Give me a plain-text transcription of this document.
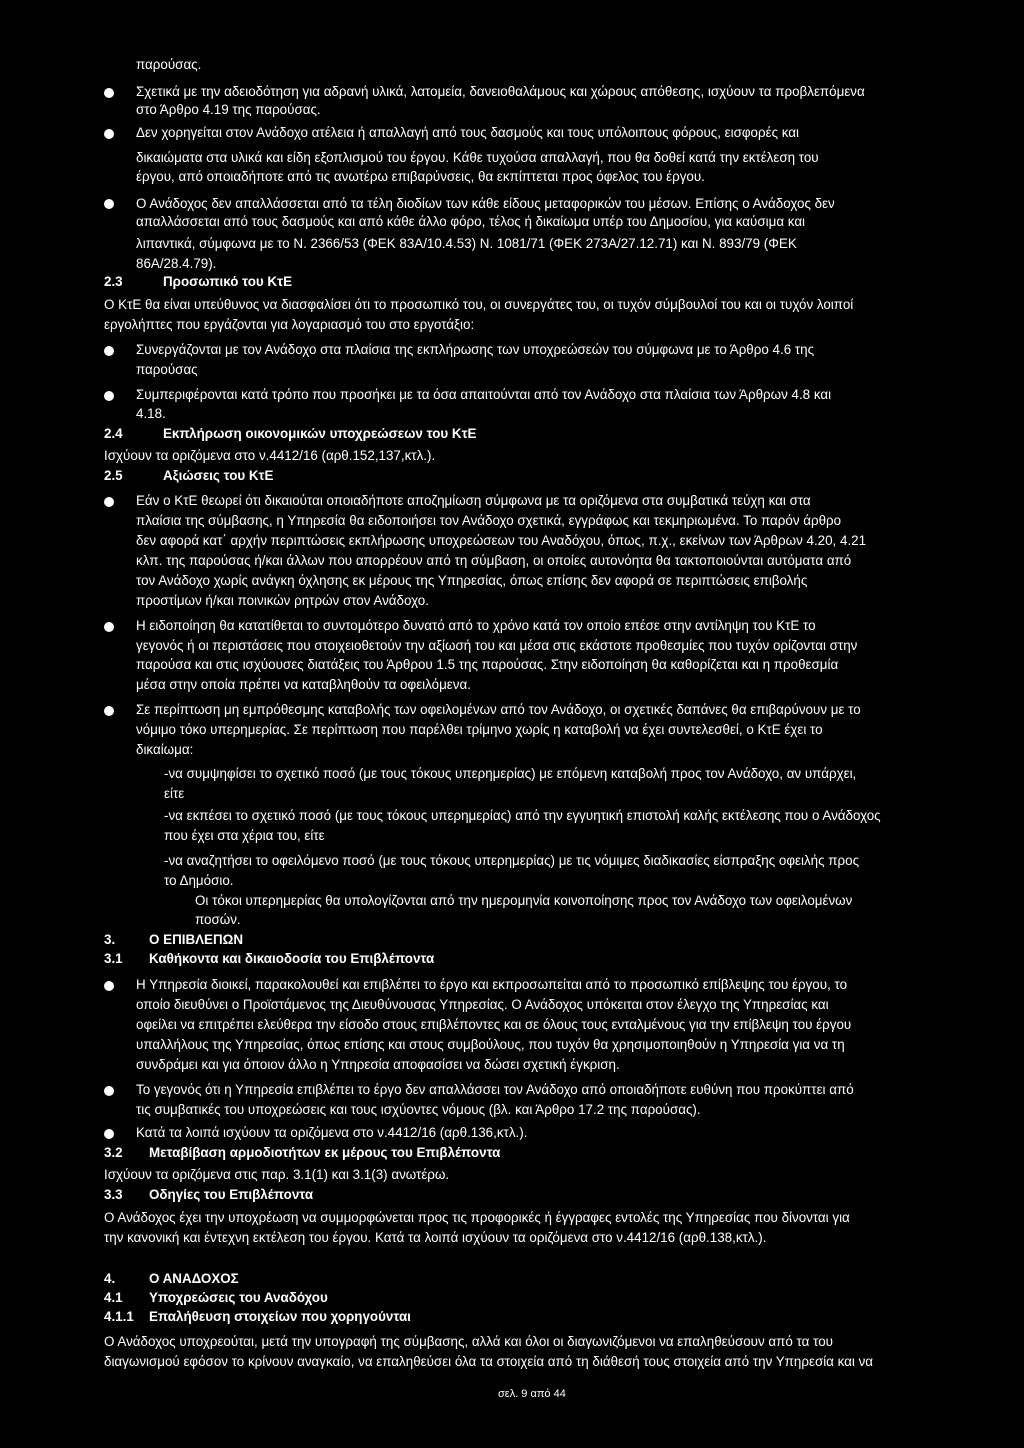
παρούσας.
Σχετικά με την αδειοδότηση για αδρανή υλικά, λατομεία, δανειοθαλάμους και χώρους απόθεσης, ισχύουν τα προβλεπόμενα
στο Άρθρο 4.19 της παρούσας.
Δεν χορηγείται στον Ανάδοχο ατέλεια ή απαλλαγή από τους δασμούς και τους υπόλοιπους φόρους, εισφορές και
δικαιώματα στα υλικά και είδη εξοπλισμού του έργου. Κάθε τυχούσα απαλλαγή, που θα δοθεί κατά την εκτέλεση του
έργου, από οποιαδήποτε από τις ανωτέρω επιβαρύνσεις, θα εκπίπτεται προς όφελος του έργου.
Ο Ανάδοχος δεν απαλλάσσεται από τα τέλη διοδίων των κάθε είδους μεταφορικών του μέσων. Επίσης ο Ανάδοχος δεν
απαλλάσσεται από τους δασμούς και από κάθε άλλο φόρο, τέλος ή δικαίωμα υπέρ του Δημοσίου, για καύσιμα και
λιπαντικά, σύμφωνα με το Ν. 2366/53 (ΦΕΚ 83Α/10.4.53) Ν. 1081/71 (ΦΕΚ 273Α/27.12.71) και Ν. 893/79 (ΦΕΚ
86Α/28.4.79).
2.3	Προσωπικό του ΚτΕ
Ο ΚτΕ θα είναι υπεύθυνος να διασφαλίσει ότι το προσωπικό του, οι συνεργάτες του, οι τυχόν σύμβουλοί του και οι τυχόν λοιποί
εργολήπτες που εργάζονται για λογαριασμό του στο εργοτάξιο:
Συνεργάζονται με τον Ανάδοχο στα πλαίσια της εκπλήρωσης των υποχρεώσεών του σύμφωνα με το Άρθρο 4.6 της
παρούσας
Συμπεριφέρονται κατά τρόπο που προσήκει με τα όσα απαιτούνται από τον Ανάδοχο στα πλαίσια των Άρθρων 4.8 και
4.18.
2.4	Εκπλήρωση οικονομικών υποχρεώσεων του ΚτΕ
Ισχύουν τα οριζόμενα στο ν.4412/16 (αρθ.152,137,κτλ.).
2.5	Αξιώσεις του ΚτΕ
Εάν ο ΚτΕ θεωρεί ότι δικαιούται οποιαδήποτε αποζημίωση σύμφωνα με τα οριζόμενα στα συμβατικά τεύχη και στα
πλαίσια της σύμβασης, η Υπηρεσία θα ειδοποιήσει τον Ανάδοχο σχετικά, εγγράφως και τεκμηριωμένα. Το παρόν άρθρο
δεν αφορά κατ΄ αρχήν περιπτώσεις εκπλήρωσης υποχρεώσεων του Αναδόχου, όπως, π.χ., εκείνων των Άρθρων 4.20, 4.21
κλπ. της παρούσας ή/και άλλων που απορρέουν από τη σύμβαση, οι οποίες αυτονόητα θα τακτοποιούνται αυτόματα από
τον Ανάδοχο χωρίς ανάγκη όχλησης εκ μέρους της Υπηρεσίας, όπως επίσης δεν αφορά σε περιπτώσεις επιβολής
προστίμων ή/και ποινικών ρητρών στον Ανάδοχο.
Η ειδοποίηση θα κατατίθεται το συντομότερο δυνατό από το χρόνο κατά τον οποίο επέσε στην αντίληψη του ΚτΕ το
γεγονός ή οι περιστάσεις που στοιχειοθετούν την αξίωσή του και μέσα στις εκάστοτε προθεσμίες που τυχόν ορίζονται στην
παρούσα και στις ισχύουσες διατάξεις του Άρθρου 1.5 της παρούσας. Στην ειδοποίηση θα καθορίζεται και η προθεσμία
μέσα στην οποία πρέπει να καταβληθούν τα οφειλόμενα.
Σε περίπτωση μη εμπρόθεσμης καταβολής των οφειλομένων από τον Ανάδοχο, οι σχετικές δαπάνες θα επιβαρύνουν με το
νόμιμο τόκο υπερημερίας. Σε περίπτωση που παρέλθει τρίμηνο χωρίς η καταβολή να έχει συντελεσθεί, ο ΚτΕ έχει το
δικαίωμα:
-να συμψηφίσει το σχετικό ποσό (με τους τόκους υπερημερίας) με επόμενη καταβολή προς τον Ανάδοχο, αν υπάρχει,
είτε
-να εκπέσει το σχετικό ποσό (με τους τόκους υπερημερίας) από την εγγυητική επιστολή καλής εκτέλεσης που ο Ανάδοχος
που έχει στα χέρια του, είτε
-να αναζητήσει το οφειλόμενο ποσό (με τους τόκους υπερημερίας) με τις νόμιμες διαδικασίες είσπραξης οφειλής προς
το Δημόσιο.
Οι τόκοι υπερημερίας θα υπολογίζονται από την ημερομηνία κοινοποίησης προς τον Ανάδοχο των οφειλομένων
ποσών.
3.	Ο ΕΠΙΒΛΕΠΩΝ
3.1 Καθήκοντα και δικαιοδοσία του Επιβλέποντα
Η Υπηρεσία διοικεί, παρακολουθεί και επιβλέπει το έργο και εκπροσωπείται από το προσωπικό επίβλεψης του έργου, το
οποίο διευθύνει ο Προϊστάμενος της Διευθύνουσας Υπηρεσίας. Ο Ανάδοχος υπόκειται στον έλεγχο της Υπηρεσίας και
οφείλει να επιτρέπει ελεύθερα την είσοδο στους επιβλέποντες και σε όλους τους ενταλμένους για την επίβλεψη του έργου
υπαλλήλους της Υπηρεσίας, όπως επίσης και στους συμβούλους, που τυχόν θα χρησιμοποιηθούν η Υπηρεσία για να τη
συνδράμει και για όποιον άλλο η Υπηρεσία αποφασίσει να δώσει σχετική έγκριση.
Το γεγονός ότι η Υπηρεσία επιβλέπει το έργο δεν απαλλάσσει τον Ανάδοχο από οποιαδήποτε ευθύνη που προκύπτει από
τις συμβατικές του υποχρεώσεις και τους ισχύοντες νόμους (βλ. και Άρθρο 17.2 της παρούσας).
Κατά τα λοιπά ισχύουν τα οριζόμενα στο ν.4412/16 (αρθ.136,κτλ.).
3.2 Μεταβίβαση αρμοδιοτήτων εκ μέρους του Επιβλέποντα
Ισχύουν τα οριζόμενα στις παρ. 3.1(1) και 3.1(3) ανωτέρω.
3.3 Οδηγίες του Επιβλέποντα
Ο Ανάδοχος έχει την υποχρέωση να συμμορφώνεται προς τις προφορικές ή έγγραφες εντολές της Υπηρεσίας που δίνονται για
την κανονική και έντεχνη εκτέλεση του έργου. Κατά τα λοιπά ισχύουν τα οριζόμενα στο ν.4412/16 (αρθ.138,κτλ.).
4.	Ο ΑΝΑΔΟΧΟΣ
4.1 Υποχρεώσεις του Αναδόχου
4.1.1 Επαλήθευση στοιχείων που χορηγούνται
Ο Ανάδοχος υποχρεούται, μετά την υπογραφή της σύμβασης, αλλά και όλοι οι διαγωνιζόμενοι να επαληθεύσουν από τα του
διαγωνισμού εφόσον το κρίνουν αναγκαίο, να επαληθεύσει όλα τα στοιχεία από τη διάθεσή τους στοιχεία από την Υπηρεσία και να
σελ. 9 από 44
